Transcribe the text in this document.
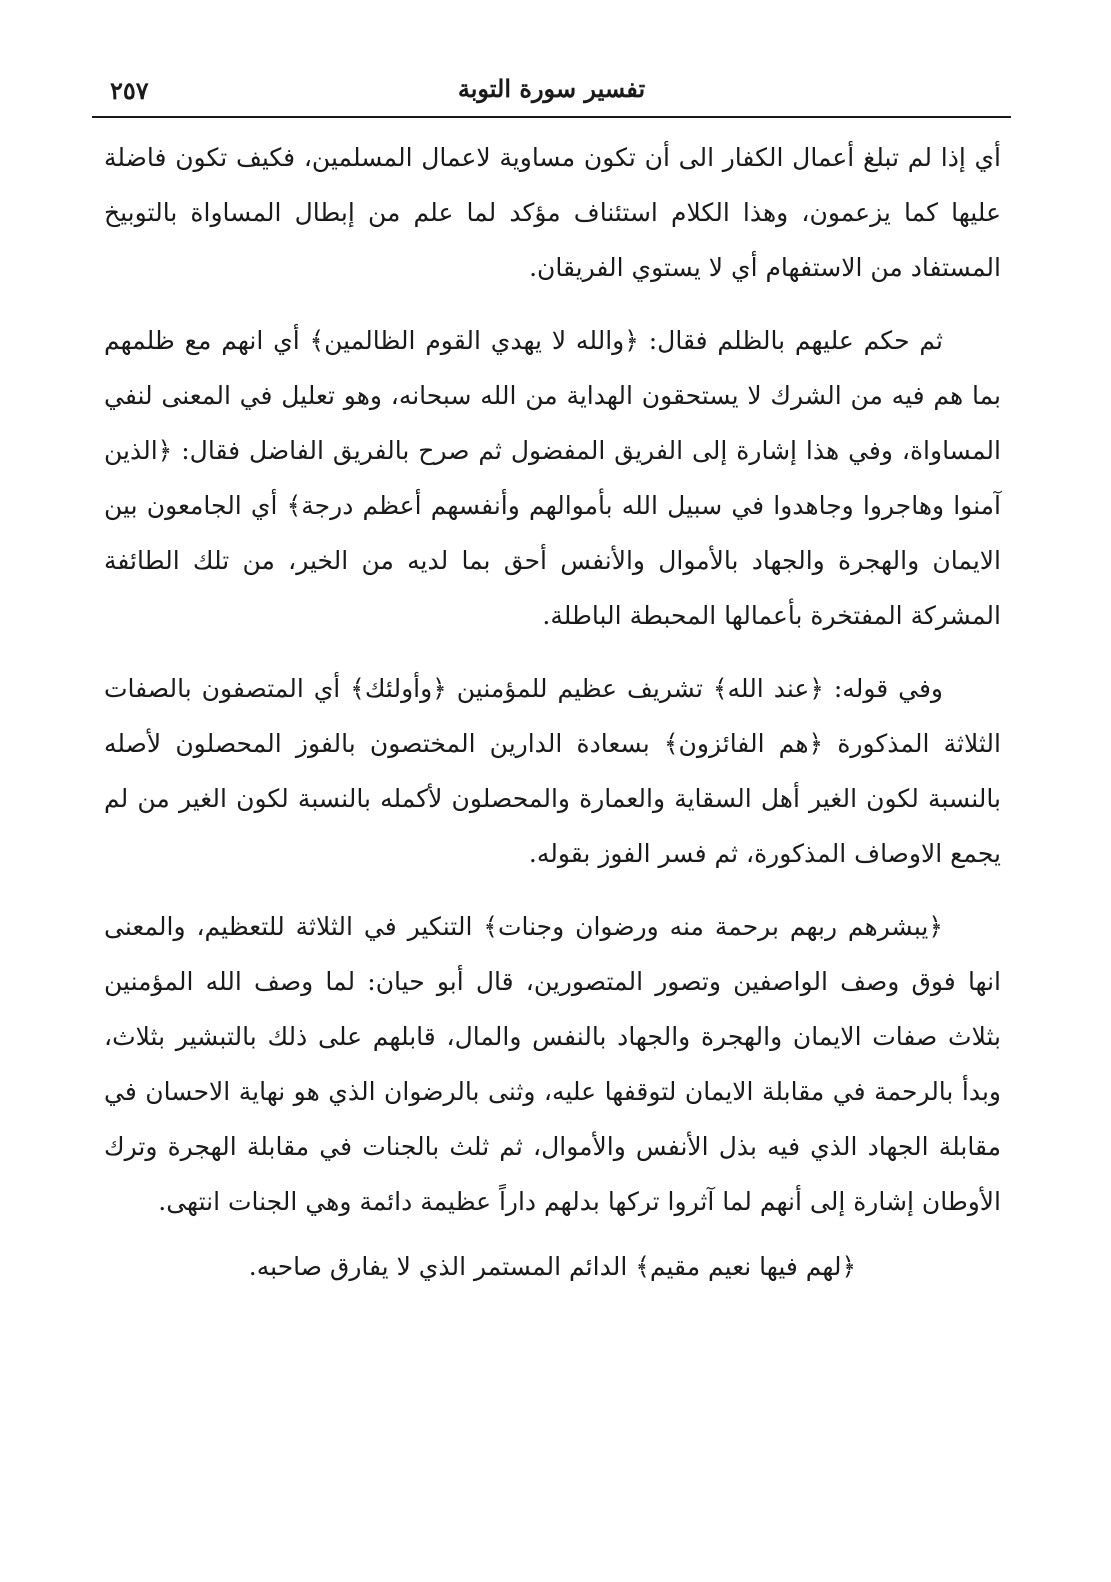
تفسير سورة التوبة
٢٥٧

أي إذا لم تبلغ أعمال الكفار الى أن تكون مساوية لاعمال المسلمين، فكيف تكون فاضلة عليها كما يزعمون، وهذا الكلام استئناف مؤكد لما علم من إبطال المساواة بالتوبيخ المستفاد من الاستفهام أي لا يستوي الفريقان.

ثم حكم عليهم بالظلم فقال: ﴿والله لا يهدي القوم الظالمين﴾ أي انهم مع ظلمهم بما هم فيه من الشرك لا يستحقون الهداية من الله سبحانه، وهو تعليل في المعنى لنفي المساواة، وفي هذا إشارة إلى الفريق المفضول ثم صرح بالفريق الفاضل فقال: ﴿الذين آمنوا وهاجروا وجاهدوا في سبيل الله بأموالهم وأنفسهم أعظم درجة﴾ أي الجامعون بين الايمان والهجرة والجهاد بالأموال والأنفس أحق بما لديه من الخير، من تلك الطائفة المشركة المفتخرة بأعمالها المحبطة الباطلة.

وفي قوله: ﴿عند الله﴾ تشريف عظيم للمؤمنين ﴿وأولئك﴾ أي المتصفون بالصفات الثلاثة المذكورة ﴿هم الفائزون﴾ بسعادة الدارين المختصون بالفوز المحصلون لأصله بالنسبة لكون الغير أهل السقاية والعمارة والمحصلون لأكمله بالنسبة لكون الغير من لم يجمع الاوصاف المذكورة، ثم فسر الفوز بقوله.

﴿يبشرهم ربهم برحمة منه ورضوان وجنات﴾ التنكير في الثلاثة للتعظيم، والمعنى انها فوق وصف الواصفين وتصور المتصورين، قال أبو حيان: لما وصف الله المؤمنين بثلاث صفات الايمان والهجرة والجهاد بالنفس والمال، قابلهم على ذلك بالتبشير بثلاث، وبدأ بالرحمة في مقابلة الايمان لتوقفها عليه، وثنى بالرضوان الذي هو نهاية الاحسان في مقابلة الجهاد الذي فيه بذل الأنفس والأموال، ثم ثلث بالجنات في مقابلة الهجرة وترك الأوطان إشارة إلى أنهم لما آثروا تركها بدلهم داراً عظيمة دائمة وهي الجنات انتهى.

﴿لهم فيها نعيم مقيم﴾ الدائم المستمر الذي لا يفارق صاحبه.
